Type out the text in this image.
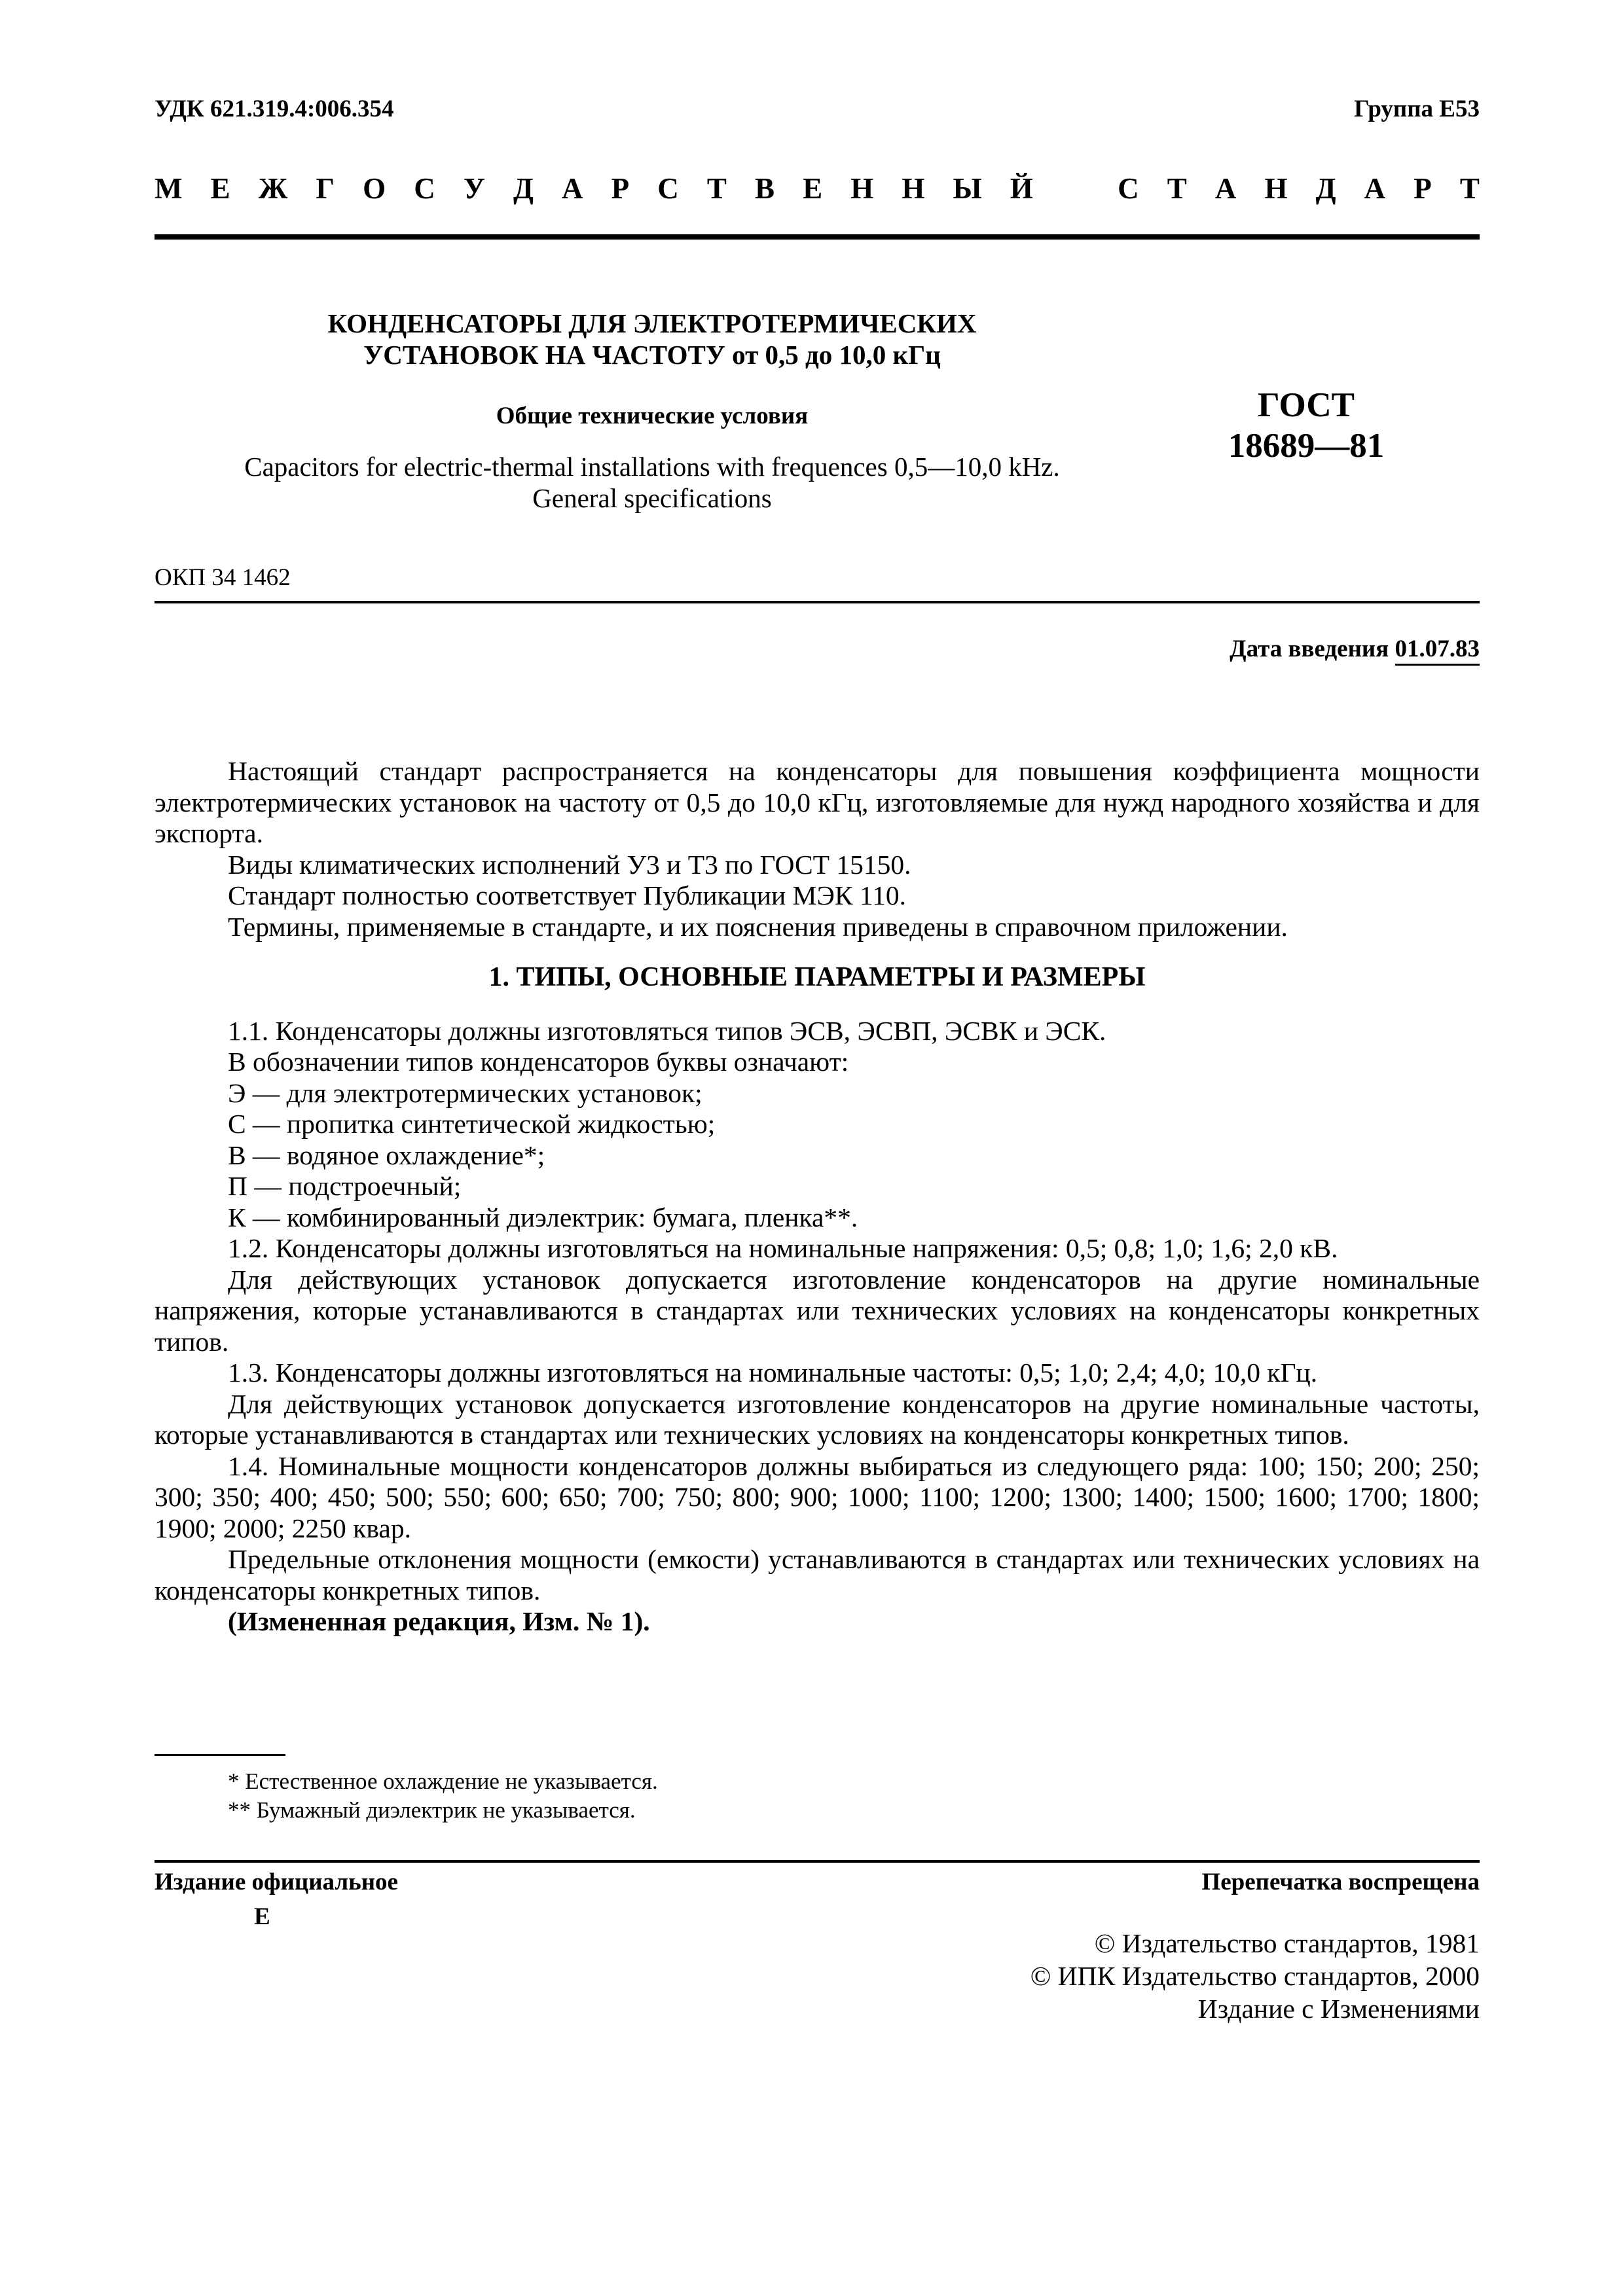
УДК 621.319.4:006.354	Группа Е53
М Е Ж Г О С У Д А Р С Т В Е Н Н Ы Й	С Т А Н Д А Р Т
КОНДЕНСАТОРЫ ДЛЯ ЭЛЕКТРОТЕРМИЧЕСКИХ
УСТАНОВОК НА ЧАСТОТУ от 0,5 до 10,0 кГц
Общие технические условия
Capacitors for electric-thermal installations with frequences 0,5—10,0 kHz.
General specifications
ГОСТ
18689—81
ОКП 34 1462
Дата введения 01.07.83

Настоящий стандарт распространяется на конденсаторы для повышения коэффициента мощности электротермических установок на частоту от 0,5 до 10,0 кГц, изготовляемые для нужд народного хозяйства и для экспорта.

Виды климатических исполнений У3 и Т3 по ГОСТ 15150.

Стандарт полностью соответствует Публикации МЭК 110.

Термины, применяемые в стандарте, и их пояснения приведены в справочном приложении.

1. ТИПЫ, ОСНОВНЫЕ ПАРАМЕТРЫ И РАЗМЕРЫ

1.1. Конденсаторы должны изготовляться типов ЭСВ, ЭСВП, ЭСВК и ЭСК.

В обозначении типов конденсаторов буквы означают:

Э — для электротермических установок;

С — пропитка синтетической жидкостью;

В — водяное охлаждение*;

П — подстроечный;

К — комбинированный диэлектрик: бумага, пленка**.

1.2. Конденсаторы должны изготовляться на номинальные напряжения: 0,5; 0,8; 1,0; 1,6; 2,0 кВ.

Для действующих установок допускается изготовление конденсаторов на другие номинальные напряжения, которые устанавливаются в стандартах или технических условиях на конденсаторы конкретных типов.

1.3. Конденсаторы должны изготовляться на номинальные частоты: 0,5; 1,0; 2,4; 4,0; 10,0 кГц.

Для действующих установок допускается изготовление конденсаторов на другие номинальные частоты, которые устанавливаются в стандартах или технических условиях на конденсаторы конкретных типов.

1.4. Номинальные мощности конденсаторов должны выбираться из следующего ряда: 100; 150; 200; 250; 300; 350; 400; 450; 500; 550; 600; 650; 700; 750; 800; 900; 1000; 1100; 1200; 1300; 1400; 1500; 1600; 1700; 1800; 1900; 2000; 2250 квар.

Предельные отклонения мощности (емкости) устанавливаются в стандартах или технических условиях на конденсаторы конкретных типов.

(Измененная редакция, Изм. № 1).

* Естественное охлаждение не указывается.
** Бумажный диэлектрик не указывается.
Издание официальное
Е
Перепечатка воспрещена
© Издательство стандартов, 1981
© ИПК Издательство стандартов, 2000
Издание с Изменениями
